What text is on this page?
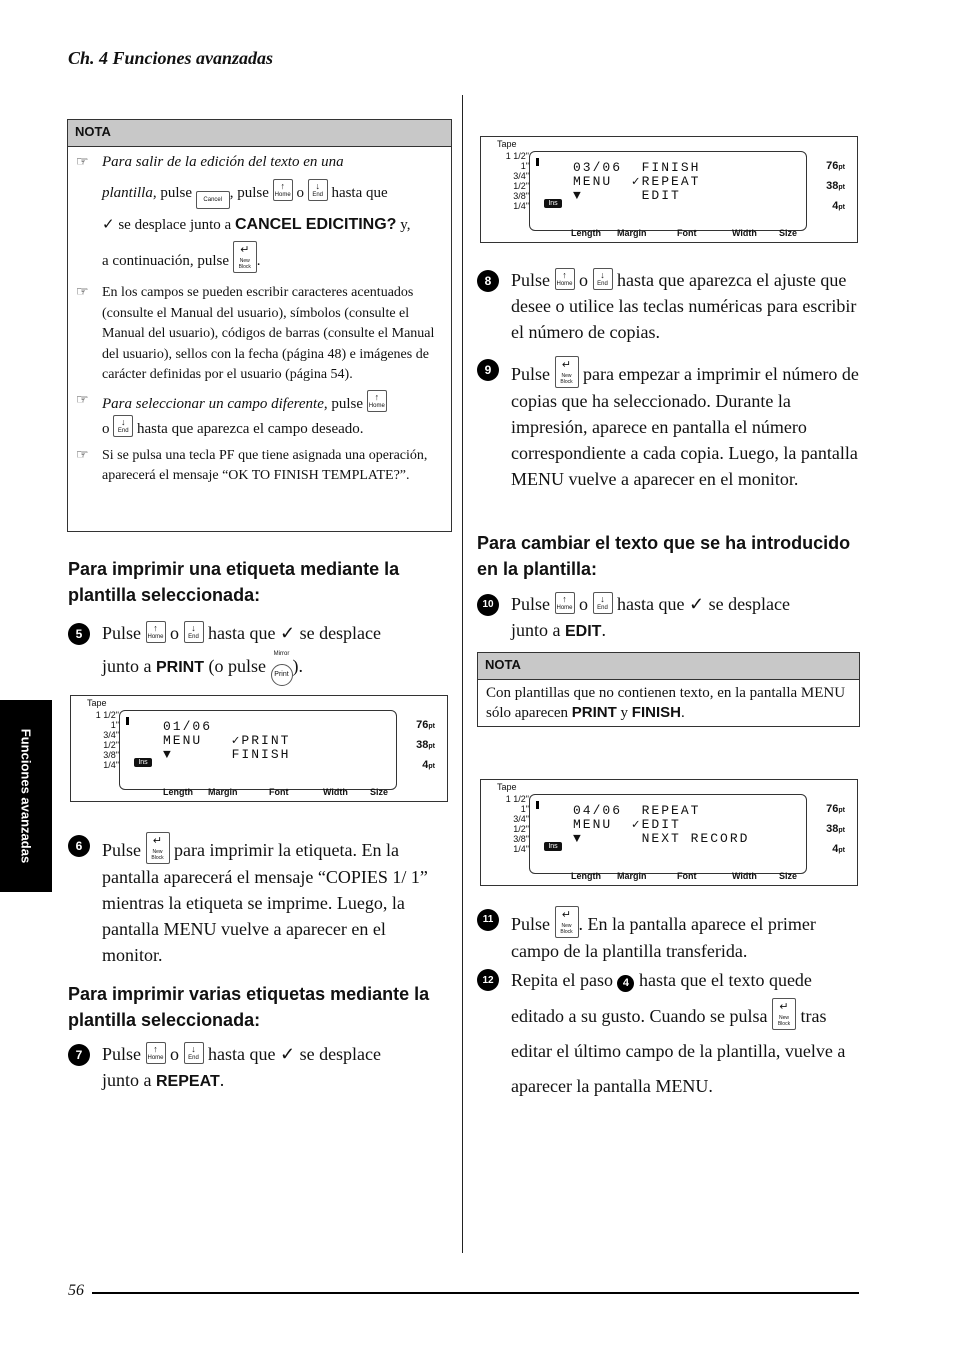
Ch. 4 Funciones avanzadas
Funciones avanzadas
NOTA
☞ Para salir de la edición del texto en una
plantilla, pulse Cancel , pulse	↑
Home o	↓
End hasta que
✓ se desplace junto a CANCEL EDICITING? y,
a continuación, pulse
↵
New Block .
☞ En los campos se pueden escribir caracteres acentuados (consulte el Manual del usuario), símbolos (consulte el Manual del usuario), códigos de barras (consulte el Manual del usuario), sellos con la fecha (página 48) e imágenes de carácter definidas por el usuario (página 54).
☞ Para seleccionar un campo diferente, pulse	↑
Home

o	↓
End hasta que aparezca el campo deseado.
☞ Si se pulsa una tecla PF que tiene asignada una operación, aparecerá el mensaje “OK TO FINISH TEMPLATE?”.
Para imprimir una etiqueta mediante la plantilla seleccionada:
5	Pulse	↑
Home o	↓
End hasta que ✓ se desplace
junto a PRINT (o pulse
Mirror
Print ).
Tape
1 1/2"
1"
3/4"
1/2"
3/8"
1/4"	Ins
01/06
MENU   ✓PRINT
▼      FINISH
76pt
38pt
4pt
Length Margin	Font	Width Size
6	Pulse	↵
New Block para imprimir la etiqueta. En la pantalla aparecerá el mensaje “COPIES 1/ 1” mientras la etiqueta se imprime. Luego, la pantalla MENU vuelve a aparecer en el monitor.
Para imprimir varias etiquetas mediante la plantilla seleccionada:
7	Pulse	↑
Home o	↓
End hasta que ✓ se desplace
junto a REPEAT.
Tape
1 1/2"
1"
3/4"
1/2"
3/8"
1/4"	Ins
03/06  FINISH
MENU  ✓REPEAT
▼      EDIT
76pt
38pt
4pt
Length Margin	Font	Width Size
8	Pulse	↑
Home o	↓
End hasta que aparezca el ajuste que desee o utilice las teclas numéricas para escribir el número de copias.
9	Pulse	↵
New Block para empezar a imprimir el número de copias que ha seleccionado. Durante la impresión, aparece en pantalla el número correspondiente a cada copia. Luego, la pantalla MENU vuelve a aparecer en el monitor.
Para cambiar el texto que se ha introducido en la plantilla:
10 Pulse	↑
Home o	↓
End hasta que ✓ se desplace
junto a EDIT.
NOTA
Con plantillas que no contienen texto, en la pantalla MENU sólo aparecen PRINT y FINISH.
Tape
1 1/2"
1"
3/4"
1/2"
3/8"
1/4"	Ins
04/06  REPEAT
MENU  ✓EDIT
▼      NEXT RECORD
76pt
38pt
4pt
Length Margin	Font	Width Size
11 Pulse	↵
New Block . En la pantalla aparece el primer campo de la plantilla transferida.
12 Repita el paso 4 hasta que el texto quede editado a su gusto. Cuando se pulsa	↵
New Block tras editar el último campo de la plantilla, vuelve a aparecer la pantalla MENU.
56
